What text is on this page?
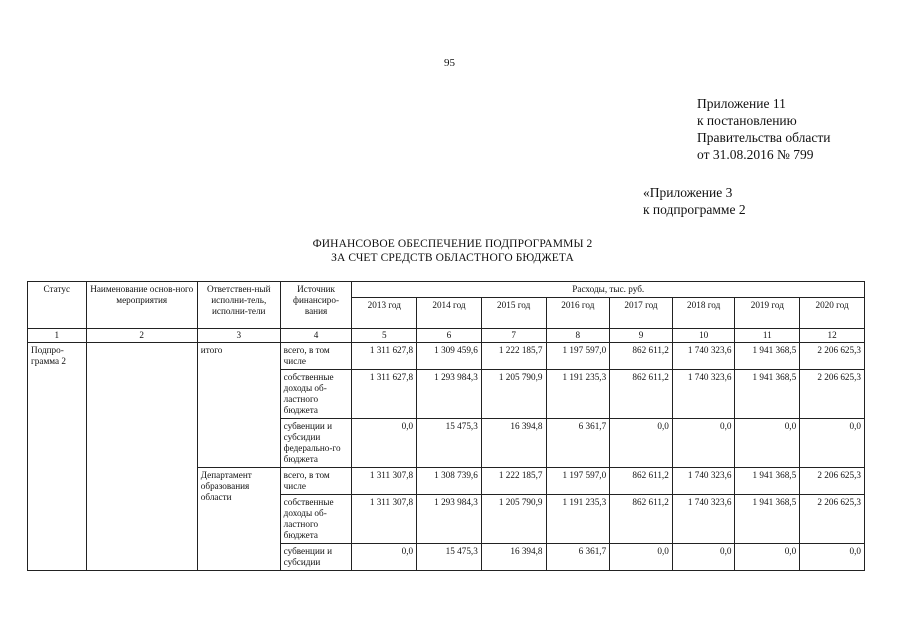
95
Приложение 11
к постановлению
Правительства области
от 31.08.2016 № 799
«Приложение 3
к подпрограмме 2
ФИНАНСОВОЕ ОБЕСПЕЧЕНИЕ ПОДПРОГРАММЫ 2
ЗА СЧЕТ СРЕДСТВ ОБЛАСТНОГО БЮДЖЕТА
Статус	Наименование основ-ного мероприятия	Ответствен-ный исполни-тель, исполни-тели	Источник финансиро-вания	Расходы, тыс. руб.							
				2013 год	2014 год	2015 год	2016 год	2017 год	2018 год	2019 год	2020 год
1	2	3	4	5	6	7	8	9	10	11	12
Подпро-грамма 2		итого	всего, в том числе	1 311 627,8	1 309 459,6	1 222 185,7	1 197 597,0	862 611,2	1 740 323,6	1 941 368,5	2 206 625,3
			собственные доходы об-ластного бюджета	1 311 627,8	1 293 984,3	1 205 790,9	1 191 235,3	862 611,2	1 740 323,6	1 941 368,5	2 206 625,3
			субвенции и субсидии федерально-го бюджета	0,0	15 475,3	16 394,8	6 361,7	0,0	0,0	0,0	0,0
		Департамент образования области	всего, в том числе	1 311 307,8	1 308 739,6	1 222 185,7	1 197 597,0	862 611,2	1 740 323,6	1 941 368,5	2 206 625,3
			собственные доходы об-ластного бюджета	1 311 307,8	1 293 984,3	1 205 790,9	1 191 235,3	862 611,2	1 740 323,6	1 941 368,5	2 206 625,3
			субвенции и субсидии	0,0	15 475,3	16 394,8	6 361,7	0,0	0,0	0,0	0,0
